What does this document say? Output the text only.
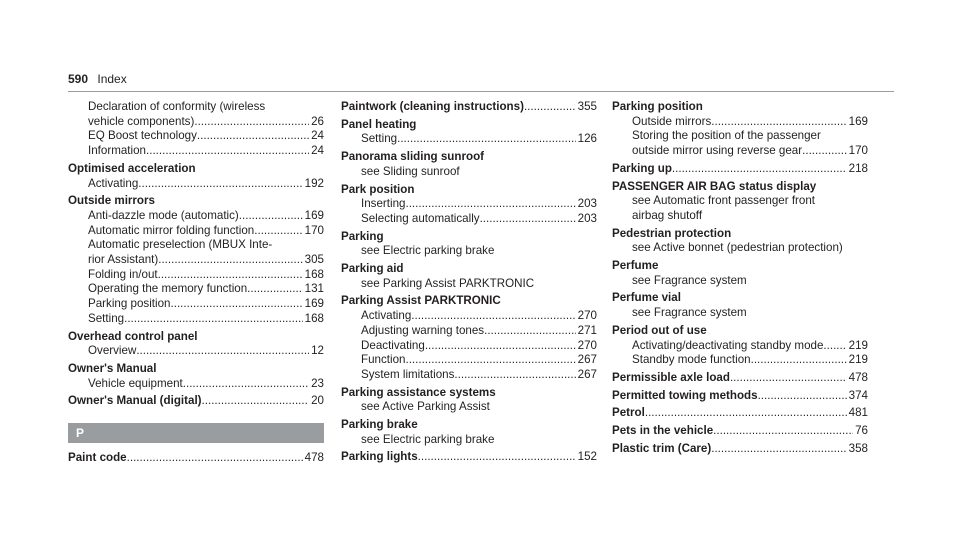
590 Index
Declaration of conformity (wireless
vehicle components) .....	26
EQ Boost technology .....	24
Information .....	24
Optimised acceleration
Activating .....	192
Outside mirrors
Anti-dazzle mode (automatic) .....	169
Automatic mirror folding function .....	170
Automatic preselection (MBUX Inte-
rior Assistant) .....	305
Folding in/out .....	168
Operating the memory function .....	131
Parking position .....	169
Setting .....	168
Overhead control panel
Overview .....	12
Owner's Manual
Vehicle equipment .....	23
Owner's Manual (digital) .....	20
P
Paint code .....	478
Paintwork (cleaning instructions) .....	355
Panel heating
Setting .....	126
Panorama sliding sunroof
see Sliding sunroof
Park position
Inserting .....	203
Selecting automatically .....	203
Parking
see Electric parking brake
Parking aid
see Parking Assist PARKTRONIC
Parking Assist PARKTRONIC
Activating .....	270
Adjusting warning tones .....	271
Deactivating .....	270
Function .....	267
System limitations .....	267
Parking assistance systems
see Active Parking Assist
Parking brake
see Electric parking brake
Parking lights .....	152
Parking position
Outside mirrors .....	169
Storing the position of the passenger
outside mirror using reverse gear .....	170
Parking up .....	218
PASSENGER AIR BAG status display
see Automatic front passenger front
airbag shutoff
Pedestrian protection
see Active bonnet (pedestrian protection)
Perfume
see Fragrance system
Perfume vial
see Fragrance system
Period out of use
Activating/deactivating standby mode ..... 219
Standby mode function .....	219
Permissible axle load .....	478
Permitted towing methods .....	374
Petrol .....	481
Pets in the vehicle .....	76
Plastic trim (Care) .....	358
